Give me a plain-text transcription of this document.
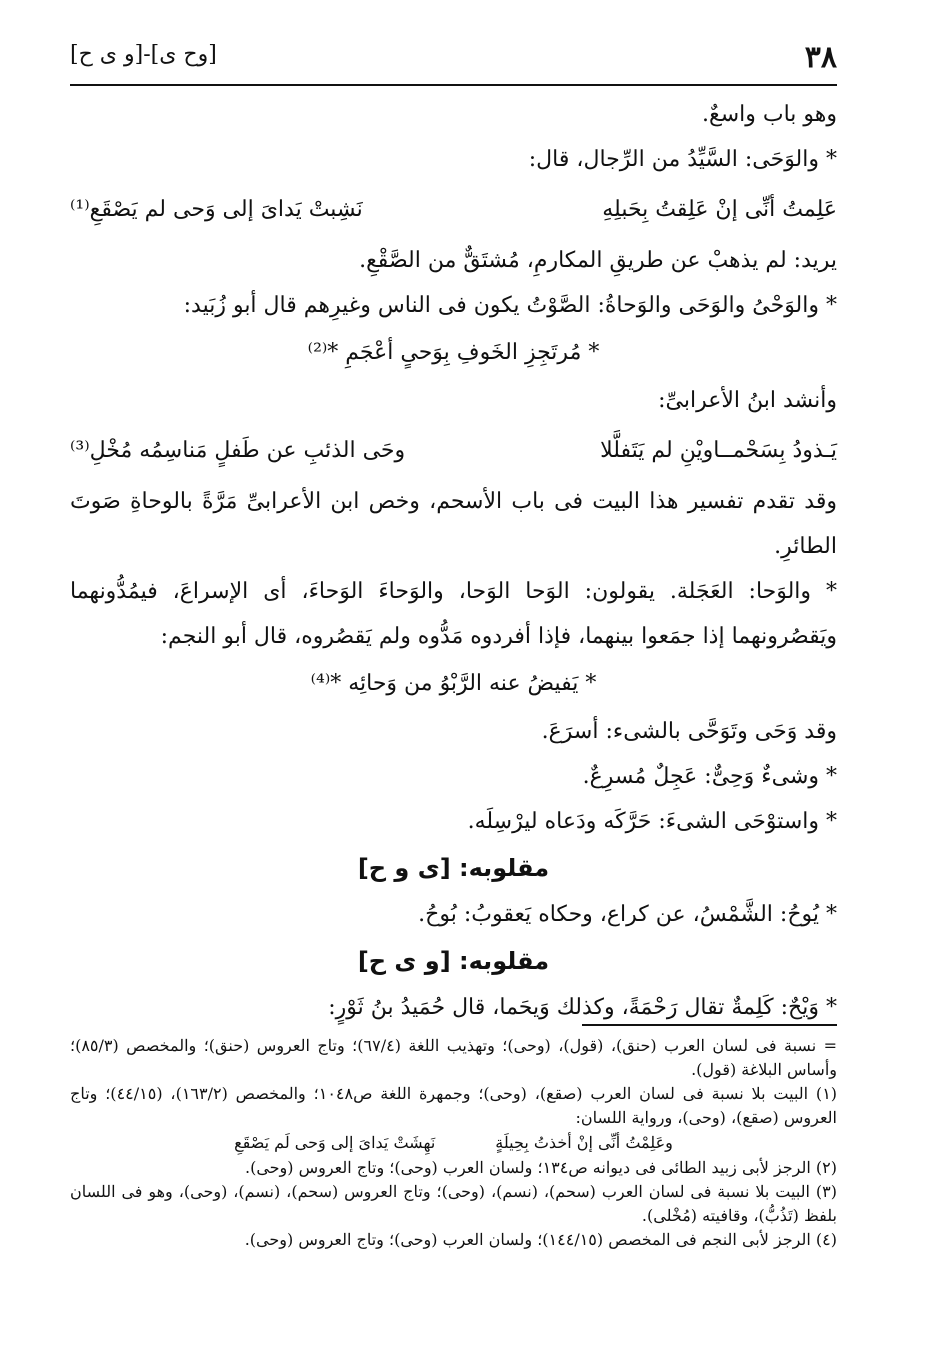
٣٨
[وح ى]-[و ى ح]
وهو باب واسعٌ.
* والوَحَى: السَّيِّدُ من الرِّجال، قال:
عَلِمتُ أنِّى إنْ عَلِقتُ بِحَبلِهِ
نَشِبتْ يَداىَ إلى وَحى لم يَصْقَعِ⁽¹⁾
يريد: لم يذهبْ عن طريقِ المكارمِ، مُشتَقٌّ من الصَّقْعِ.
* والوَحْىُ والوَحَى والوَحاةُ: الصَّوْتُ يكون فى الناس وغيرِهم قال أبو زُبَيد:
* مُرتَجِزِ الخَوفِ بِوَحىٍ أعْجَمِ *⁽²⁾
وأنشد ابنُ الأعرابىِّ:
يَـذودُ بِسَحْمــاويْنِ لم يَتَفلَّلا
وحَى الذئبِ عن طَفلٍ مَناسِمُه مُخْلِ⁽³⁾
وقد تقدم تفسير هذا البيت فى باب الأسحم، وخص ابن الأعرابىِّ مَرَّةً بالوحاةِ صَوتَ الطائرِ.
* والوَحا: العَجَلة. يقولون: الوَحا الوَحا، والوَحاءَ الوَحاءَ، أى الإسراعَ، فيمُدُّونهما ويَقصُرونهما إذا جمَعوا بينهما، فإذا أفردوه مَدُّوه ولم يَقصُروه، قال أبو النجم:
* يَفيضُ عنه الرَّبْوُ من وَحائِه *⁽⁴⁾
وقد وَحَى وتَوَحَّى بالشىء: أسرَعَ.
* وشىءٌ وَحِىٌّ: عَجِلٌ مُسرِعٌ.
* واستوْحَى الشىءَ: حَرَّكَه ودَعاه ليرْسِلَه.
مقلوبه: [ى و ح]
* يُوحُ: الشَّمْسُ، عن كراع، وحكاه يَعقوبُ: بُوحُ.
مقلوبه: [و ى ح]
* وَيْحٌ: كَلِمةٌ تقال رَحْمَةً، وكذلك وَيحَما، قال حُمَيدُ بنُ ثَوْرٍ:
= نسبة فى لسان العرب (حنق)، (قول)، (وحى)؛ وتهذيب اللغة (٦٧/٤)؛ وتاج العروس (حنق)؛ والمخصص (٨٥/٣)؛ وأساس البلاغة (قول).
(١) البيت بلا نسبة فى لسان العرب (صقع)، (وحى)؛ وجمهرة اللغة ص١٠٤٨؛ والمخصص (١٦٣/٢)، (٤٤/١٥)؛ وتاج العروس (صقع)، (وحى)، ورواية اللسان:
وعَلِمْتُ أنِّى إنْ أخذتُ بِحِيلَةٍ
نَهِشَتْ يَداىَ إلى وَحى لَم يَصْقَعِ
(٢) الرجز لأبى زبيد الطائى فى ديوانه ص١٣٤؛ ولسان العرب (وحى)؛ وتاج العروس (وحى).
(٣) البيت بلا نسبة فى لسان العرب (سحم)، (نسم)، (وحى)؛ وتاج العروس (سحم)، (نسم)، (وحى)، وهو فى اللسان بلفظ (تَذُبُّ)، وقافيته (مُخْلى).
(٤) الرجز لأبى النجم فى المخصص (١٤٤/١٥)؛ ولسان العرب (وحى)؛ وتاج العروس (وحى).
